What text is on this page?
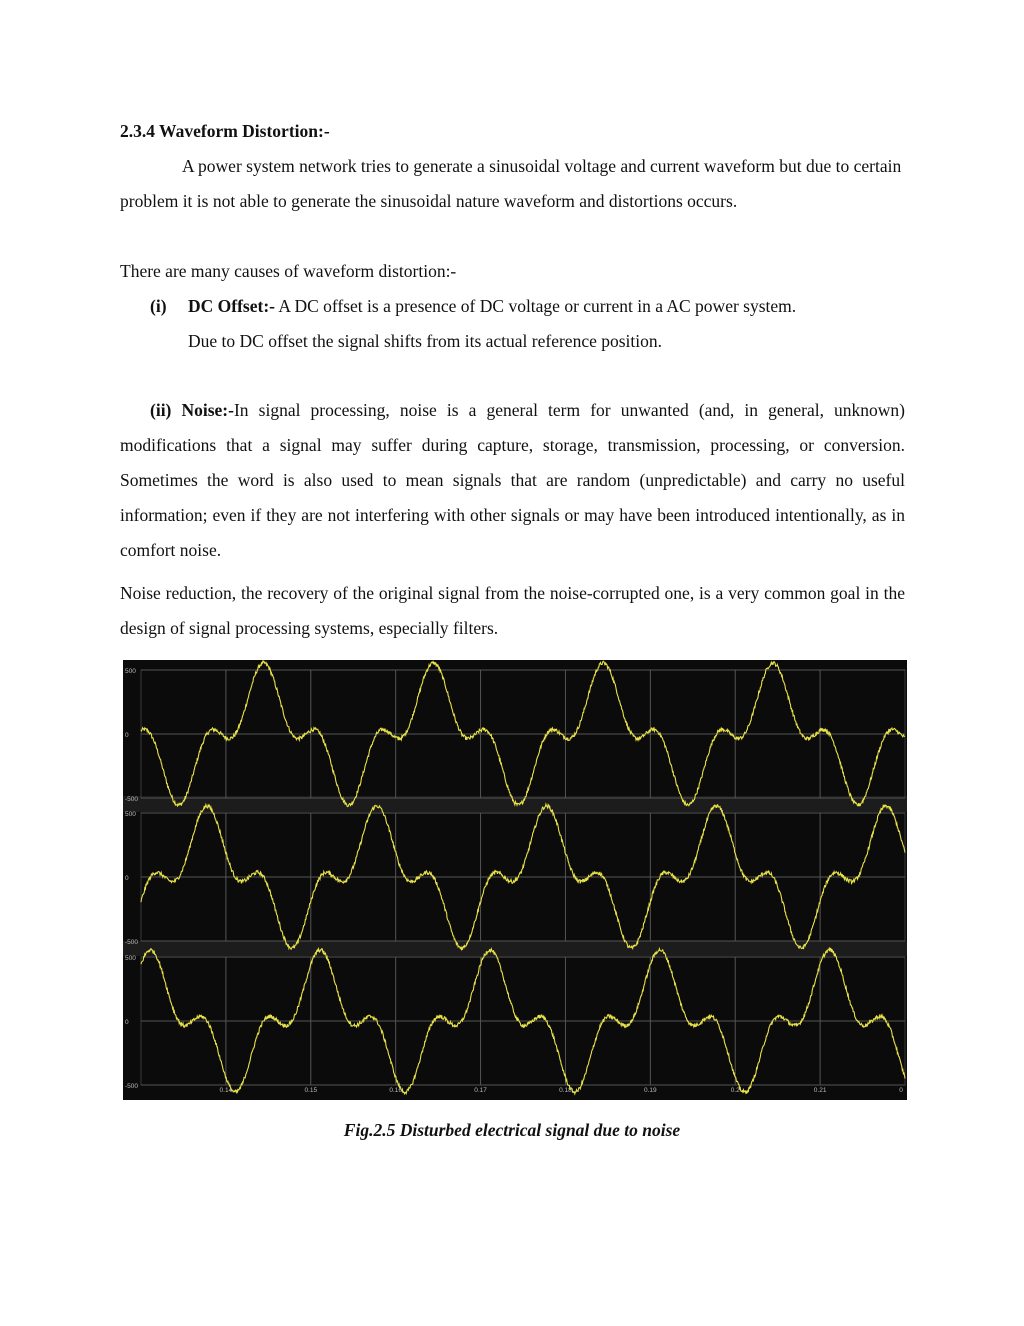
2.3.4 Waveform Distortion:-
A power system network tries to generate a sinusoidal voltage and current waveform but due to certain problem it is not able to generate the sinusoidal nature waveform and distortions occurs.
There are many causes of waveform distortion:-
(i) DC Offset:- A DC offset is a presence of DC voltage or current in a AC power system.
Due to DC offset the signal shifts from its actual reference position.
(ii) Noise:-In signal processing, noise is a general term for unwanted (and, in general, unknown) modifications that a signal may suffer during capture, storage, transmission, processing, or conversion. Sometimes the word is also used to mean signals that are random (unpredictable) and carry no useful information; even if they are not interfering with other signals or may have been introduced intentionally, as in comfort noise.
Noise reduction, the recovery of the original signal from the noise-corrupted one, is a very common goal in the design of signal processing systems, especially filters.
500
0
-500
500
0
-500
500
0
-500
0.14	0.15	0.16	0.17	0.18	0.19	0.2	0.21	0
Fig.2.5 Disturbed electrical signal due to noise
